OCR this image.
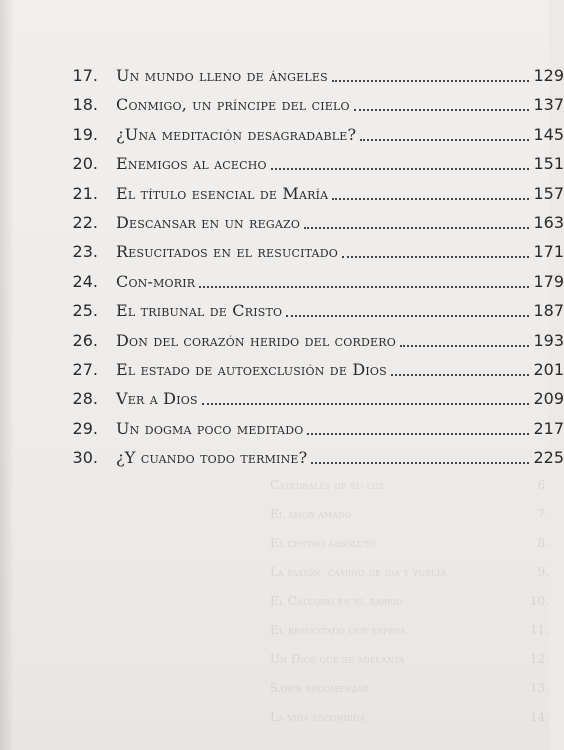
Catedrales de su luz	6.
El amor amado	7.
El centro absoluto	8.
La pasión, camino de ida y vuelta	9.
El Calvario en el barrio	10.
El resucitado que espera	11.
Un Dios que se adelanta	12.
Saber recomenzar	13.
La vida escondida	14.
17. Un mundo lleno de ángeles	129
18. Conmigo, un príncipe del cielo	137
19. ¿Una meditación desagradable?	145
20. Enemigos al acecho	151
21. El título esencial de María	157
22. Descansar en un regazo	163
23. Resucitados en el resucitado	171
24. Con-morir	179
25. El tribunal de Cristo	187
26. Don del corazón herido del cordero	193
27. El estado de autoexclusión de Dios	201
28. Ver a Dios	209
29. Un dogma poco meditado	217
30. ¿Y cuando todo termine?	225
